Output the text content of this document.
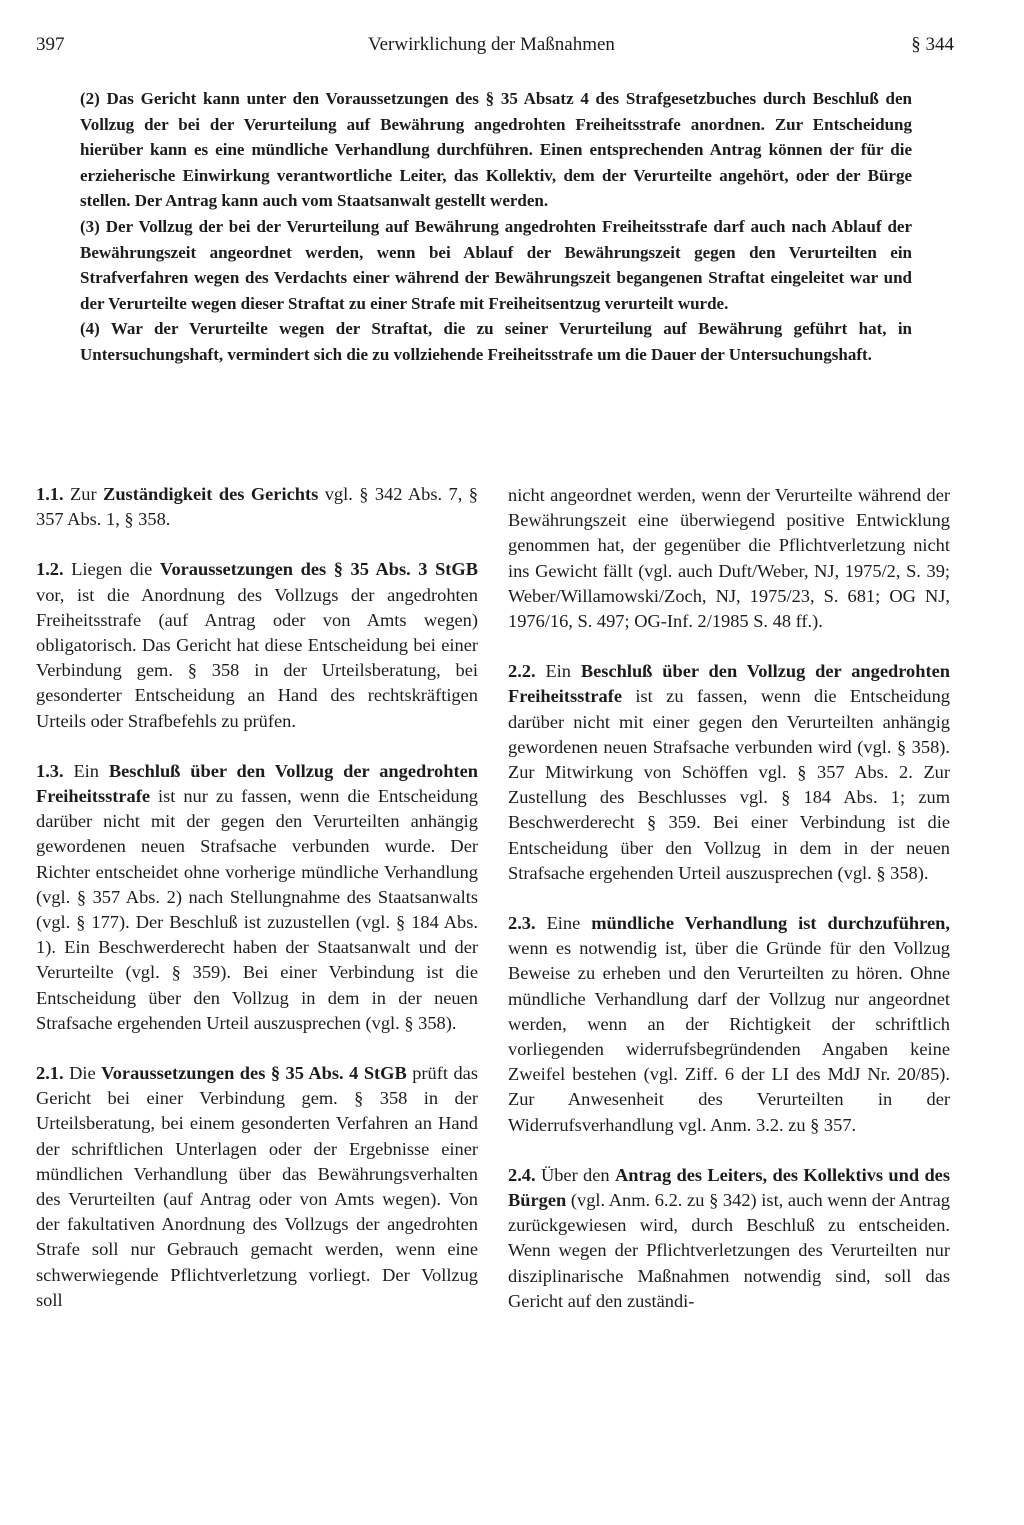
397	Verwirklichung der Maßnahmen	§ 344

(2) Das Gericht kann unter den Voraussetzungen des § 35 Absatz 4 des Strafgesetzbuches durch Beschluß den Vollzug der bei der Verurteilung auf Bewährung angedrohten Freiheitsstrafe anordnen. Zur Entscheidung hierüber kann es eine mündliche Verhandlung durchführen. Einen entsprechenden Antrag können der für die erzieherische Einwirkung verantwortliche Leiter, das Kollektiv, dem der Verurteilte angehört, oder der Bürge stellen. Der Antrag kann auch vom Staatsanwalt gestellt werden.

(3) Der Vollzug der bei der Verurteilung auf Bewährung angedrohten Freiheitsstrafe darf auch nach Ablauf der Bewährungszeit angeordnet werden, wenn bei Ablauf der Bewährungszeit gegen den Verurteilten ein Strafverfahren wegen des Verdachts einer während der Bewährungszeit begangenen Straftat eingeleitet war und der Verurteilte wegen dieser Straftat zu einer Strafe mit Freiheitsentzug verurteilt wurde.

(4) War der Verurteilte wegen der Straftat, die zu seiner Verurteilung auf Bewährung geführt hat, in Untersuchungshaft, vermindert sich die zu vollziehende Freiheitsstrafe um die Dauer der Untersuchungshaft.

1.1. Zur Zuständigkeit des Gerichts vgl. § 342 Abs. 7, § 357 Abs. 1, § 358.

1.2. Liegen die Voraussetzungen des § 35 Abs. 3 StGB vor, ist die Anordnung des Vollzugs der angedrohten Freiheitsstrafe (auf Antrag oder von Amts wegen) obligatorisch. Das Gericht hat diese Entscheidung bei einer Verbindung gem. § 358 in der Urteilsberatung, bei gesonderter Entscheidung an Hand des rechtskräftigen Urteils oder Strafbefehls zu prüfen.

1.3. Ein Beschluß über den Vollzug der angedrohten Freiheitsstrafe ist nur zu fassen, wenn die Entscheidung darüber nicht mit der gegen den Verurteilten anhängig gewordenen neuen Strafsache verbunden wurde. Der Richter entscheidet ohne vorherige mündliche Verhandlung (vgl. § 357 Abs. 2) nach Stellungnahme des Staatsanwalts (vgl. § 177). Der Beschluß ist zuzustellen (vgl. § 184 Abs. 1). Ein Beschwerderecht haben der Staatsanwalt und der Verurteilte (vgl. § 359). Bei einer Verbindung ist die Entscheidung über den Vollzug in dem in der neuen Strafsache ergehenden Urteil auszusprechen (vgl. § 358).

2.1. Die Voraussetzungen des § 35 Abs. 4 StGB prüft das Gericht bei einer Verbindung gem. § 358 in der Urteilsberatung, bei einem gesonderten Verfahren an Hand der schriftlichen Unterlagen oder der Ergebnisse einer mündlichen Verhandlung über das Bewährungsverhalten des Verurteilten (auf Antrag oder von Amts wegen). Von der fakultativen Anordnung des Vollzugs der angedrohten Strafe soll nur Gebrauch gemacht werden, wenn eine schwerwiegende Pflichtverletzung vorliegt. Der Vollzug soll

nicht angeordnet werden, wenn der Verurteilte während der Bewährungszeit eine überwiegend positive Entwicklung genommen hat, der gegenüber die Pflichtverletzung nicht ins Gewicht fällt (vgl. auch Duft/Weber, NJ, 1975/2, S. 39; Weber/Willamowski/Zoch, NJ, 1975/23, S. 681; OG NJ, 1976/16, S. 497; OG-Inf. 2/1985 S. 48 ff.).

2.2. Ein Beschluß über den Vollzug der angedrohten Freiheitsstrafe ist zu fassen, wenn die Entscheidung darüber nicht mit einer gegen den Verurteilten anhängig gewordenen neuen Strafsache verbunden wird (vgl. § 358). Zur Mitwirkung von Schöffen vgl. § 357 Abs. 2. Zur Zustellung des Beschlusses vgl. § 184 Abs. 1; zum Beschwerderecht § 359. Bei einer Verbindung ist die Entscheidung über den Vollzug in dem in der neuen Strafsache ergehenden Urteil auszusprechen (vgl. § 358).

2.3. Eine mündliche Verhandlung ist durchzuführen, wenn es notwendig ist, über die Gründe für den Vollzug Beweise zu erheben und den Verurteilten zu hören. Ohne mündliche Verhandlung darf der Vollzug nur angeordnet werden, wenn an der Richtigkeit der schriftlich vorliegenden widerrufsbegründenden Angaben keine Zweifel bestehen (vgl. Ziff. 6 der LI des MdJ Nr. 20/85). Zur Anwesenheit des Verurteilten in der Widerrufsverhandlung vgl. Anm. 3.2. zu § 357.

2.4. Über den Antrag des Leiters, des Kollektivs und des Bürgen (vgl. Anm. 6.2. zu § 342) ist, auch wenn der Antrag zurückgewiesen wird, durch Beschluß zu entscheiden. Wenn wegen der Pflichtverletzungen des Verurteilten nur disziplinarische Maßnahmen notwendig sind, soll das Gericht auf den zuständi-
